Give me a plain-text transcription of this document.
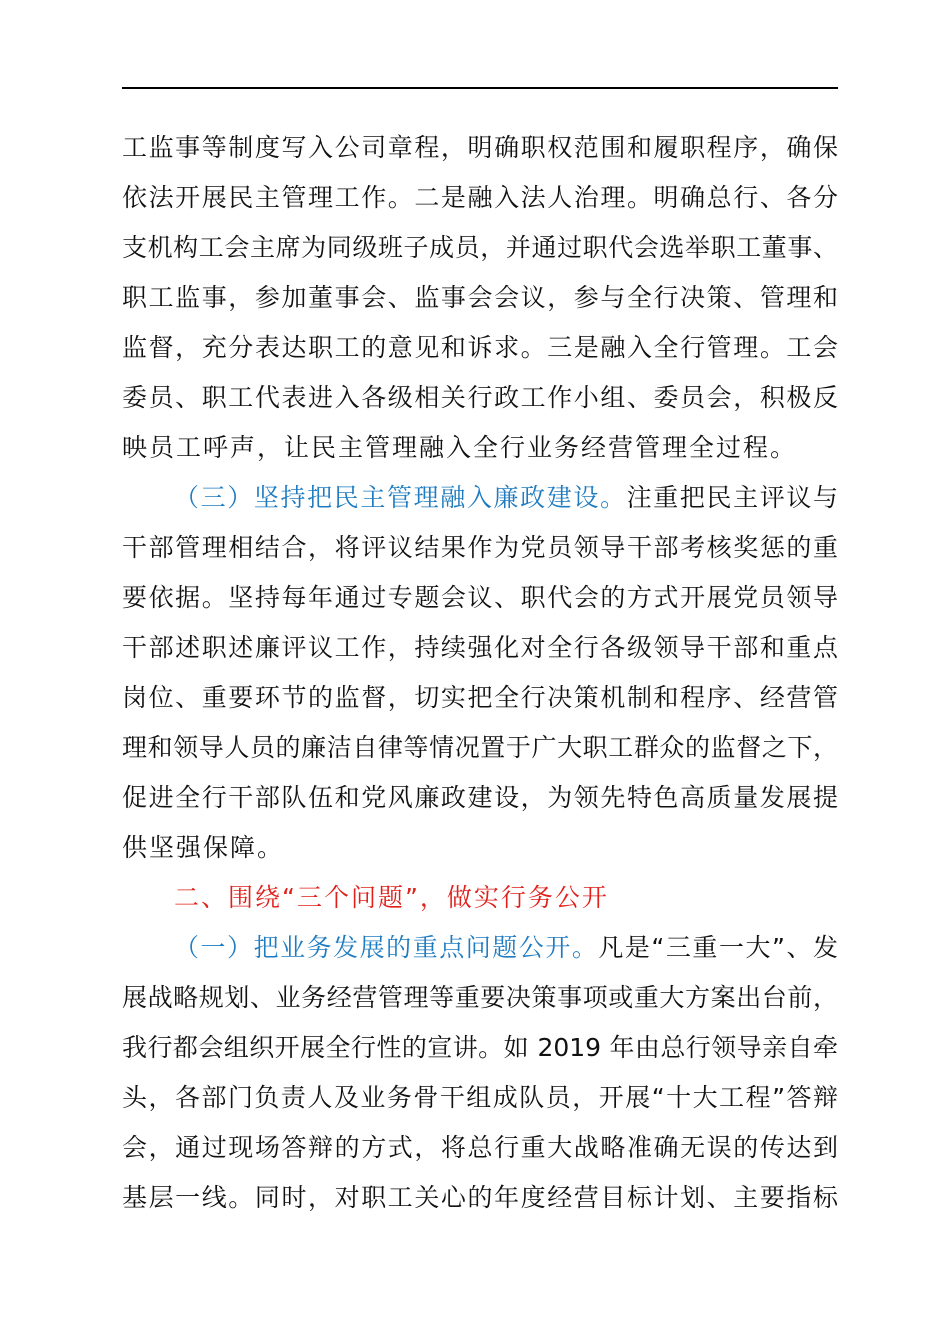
工监事等制度写入公司章程，明确职权范围和履职程序，确保
依法开展民主管理工作。二是融入法人治理。明确总行、各分
支机构工会主席为同级班子成员，并通过职代会选举职工董事、
职工监事，参加董事会、监事会会议，参与全行决策、管理和
监督，充分表达职工的意见和诉求。三是融入全行管理。工会
委员、职工代表进入各级相关行政工作小组、委员会，积极反
映员工呼声，让民主管理融入全行业务经营管理全过程。
（三）坚持把民主管理融入廉政建设。注重把民主评议与
干部管理相结合，将评议结果作为党员领导干部考核奖惩的重
要依据。坚持每年通过专题会议、职代会的方式开展党员领导
干部述职述廉评议工作，持续强化对全行各级领导干部和重点
岗位、重要环节的监督，切实把全行决策机制和程序、经营管
理和领导人员的廉洁自律等情况置于广大职工群众的监督之下，
促进全行干部队伍和党风廉政建设，为领先特色高质量发展提
供坚强保障。
二、围绕“三个问题”，做实行务公开
（一）把业务发展的重点问题公开。凡是“三重一大”、发
展战略规划、业务经营管理等重要决策事项或重大方案出台前，
我行都会组织开展全行性的宣讲。如 2019 年由总行领导亲自牵
头，各部门负责人及业务骨干组成队员，开展“十大工程”答辩
会，通过现场答辩的方式，将总行重大战略准确无误的传达到
基层一线。同时，对职工关心的年度经营目标计划、主要指标
